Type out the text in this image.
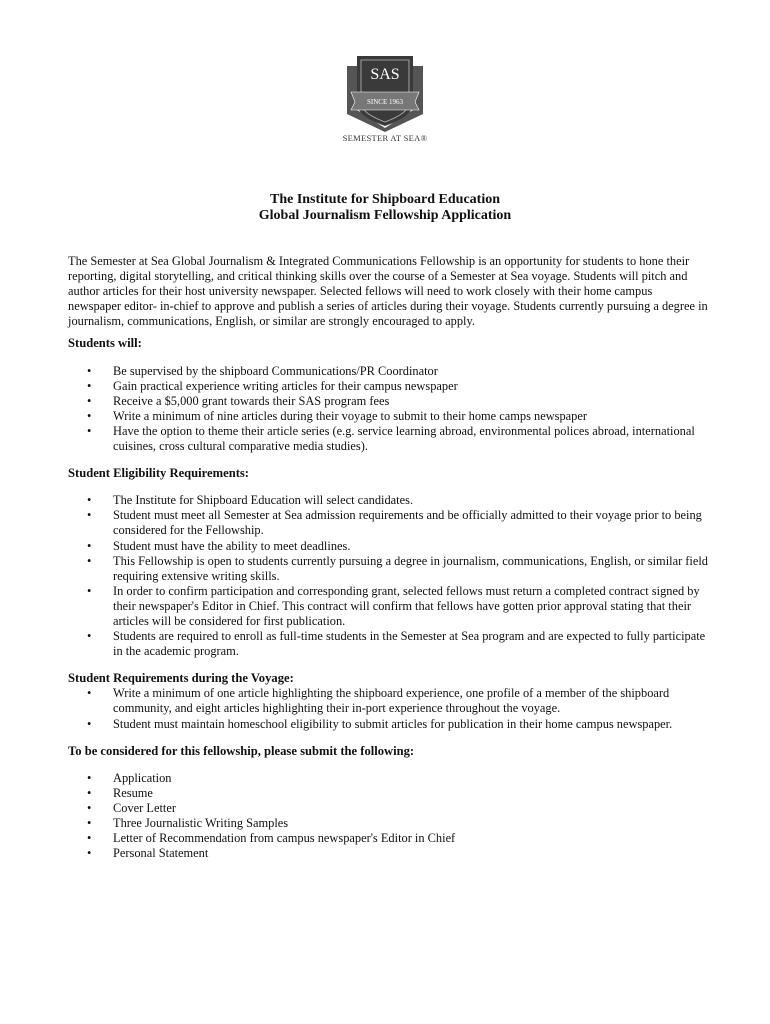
SAS
SINCE 1963
SEMESTER AT SEA®
The Institute for Shipboard Education
Global Journalism Fellowship Application

The Semester at Sea Global Journalism & Integrated Communications Fellowship is an opportunity for students to hone their reporting, digital storytelling, and critical thinking skills over the course of a Semester at Sea voyage. Students will pitch and author articles for their host university newspaper. Selected fellows will need to work closely with their home campus newspaper editor- in-chief to approve and publish a series of articles during their voyage. Students currently pursuing a degree in journalism, communications, English, or similar are strongly encouraged to apply.

Students will:
• Be supervised by the shipboard Communications/PR Coordinator
• Gain practical experience writing articles for their campus newspaper
• Receive a $5,000 grant towards their SAS program fees
• Write a minimum of nine articles during their voyage to submit to their home camps newspaper
• Have the option to theme their article series (e.g. service learning abroad, environmental polices abroad, international cuisines, cross cultural comparative media studies).
Student Eligibility Requirements:
• The Institute for Shipboard Education will select candidates.
• Student must meet all Semester at Sea admission requirements and be officially admitted to their voyage prior to being considered for the Fellowship.
• Student must have the ability to meet deadlines.
• This Fellowship is open to students currently pursuing a degree in journalism, communications, English, or similar field requiring extensive writing skills.
• In order to confirm participation and corresponding grant, selected fellows must return a completed contract signed by their newspaper's Editor in Chief. This contract will confirm that fellows have gotten prior approval stating that their articles will be considered for first publication.
• Students are required to enroll as full-time students in the Semester at Sea program and are expected to fully participate in the academic program.
Student Requirements during the Voyage:
• Write a minimum of one article highlighting the shipboard experience, one profile of a member of the shipboard community, and eight articles highlighting their in-port experience throughout the voyage.
• Student must maintain homeschool eligibility to submit articles for publication in their home campus newspaper.
To be considered for this fellowship, please submit the following:
• Application
• Resume
• Cover Letter
• Three Journalistic Writing Samples
• Letter of Recommendation from campus newspaper's Editor in Chief
• Personal Statement
